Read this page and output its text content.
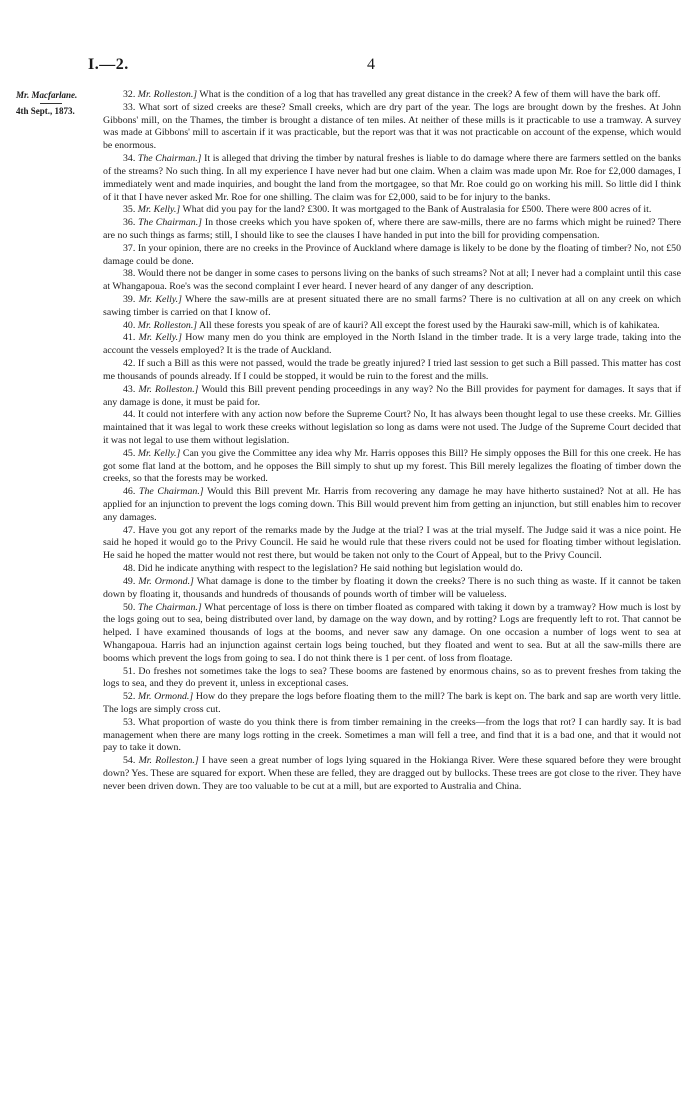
I.—2.	4
Mr. Macfarlane.
4th Sept., 1873.

32. Mr. Rolleston.] What is the condition of a log that has travelled any great distance in the creek? A few of them will have the bark off.

33. What sort of sized creeks are these? Small creeks, which are dry part of the year. The logs are brought down by the freshes. At John Gibbons' mill, on the Thames, the timber is brought a distance of ten miles. At neither of these mills is it practicable to use a tramway. A survey was made at Gibbons' mill to ascertain if it was practicable, but the report was that it was not practicable on account of the expense, which would be enormous.

34. The Chairman.] It is alleged that driving the timber by natural freshes is liable to do damage where there are farmers settled on the banks of the streams? No such thing. In all my experience I have never had but one claim. When a claim was made upon Mr. Roe for £2,000 damages, I immediately went and made inquiries, and bought the land from the mortgagee, so that Mr. Roe could go on working his mill. So little did I think of it that I have never asked Mr. Roe for one shilling. The claim was for £2,000, said to be for injury to the banks.

35. Mr. Kelly.] What did you pay for the land? £300. It was mortgaged to the Bank of Australasia for £500. There were 800 acres of it.

36. The Chairman.] In those creeks which you have spoken of, where there are saw-mills, there are no farms which might be ruined? There are no such things as farms; still, I should like to see the clauses I have handed in put into the bill for providing compensation.

37. In your opinion, there are no creeks in the Province of Auckland where damage is likely to be done by the floating of timber? No, not £50 damage could be done.

38. Would there not be danger in some cases to persons living on the banks of such streams? Not at all; I never had a complaint until this case at Whangapoua. Roe's was the second complaint I ever heard. I never heard of any danger of any description.

39. Mr. Kelly.] Where the saw-mills are at present situated there are no small farms? There is no cultivation at all on any creek on which sawing timber is carried on that I know of.

40. Mr. Rolleston.] All these forests you speak of are of kauri? All except the forest used by the Hauraki saw-mill, which is of kahikatea.

41. Mr. Kelly.] How many men do you think are employed in the North Island in the timber trade. It is a very large trade, taking into the account the vessels employed? It is the trade of Auckland.

42. If such a Bill as this were not passed, would the trade be greatly injured? I tried last session to get such a Bill passed. This matter has cost me thousands of pounds already. If I could be stopped, it would be ruin to the forest and the mills.

43. Mr. Rolleston.] Would this Bill prevent pending proceedings in any way? No the Bill provides for payment for damages. It says that if any damage is done, it must be paid for.

44. It could not interfere with any action now before the Supreme Court? No, It has always been thought legal to use these creeks. Mr. Gillies maintained that it was legal to work these creeks without legislation so long as dams were not used. The Judge of the Supreme Court decided that it was not legal to use them without legislation.

45. Mr. Kelly.] Can you give the Committee any idea why Mr. Harris opposes this Bill? He simply opposes the Bill for this one creek. He has got some flat land at the bottom, and he opposes the Bill simply to shut up my forest. This Bill merely legalizes the floating of timber down the creeks, so that the forests may be worked.

46. The Chairman.] Would this Bill prevent Mr. Harris from recovering any damage he may have hitherto sustained? Not at all. He has applied for an injunction to prevent the logs coming down. This Bill would prevent him from getting an injunction, but still enables him to recover any damages.

47. Have you got any report of the remarks made by the Judge at the trial? I was at the trial myself. The Judge said it was a nice point. He said he hoped it would go to the Privy Council. He said he would rule that these rivers could not be used for floating timber without legislation. He said he hoped the matter would not rest there, but would be taken not only to the Court of Appeal, but to the Privy Council.

48. Did he indicate anything with respect to the legislation? He said nothing but legislation would do.

49. Mr. Ormond.] What damage is done to the timber by floating it down the creeks? There is no such thing as waste. If it cannot be taken down by floating it, thousands and hundreds of thousands of pounds worth of timber will be valueless.

50. The Chairman.] What percentage of loss is there on timber floated as compared with taking it down by a tramway? How much is lost by the logs going out to sea, being distributed over land, by damage on the way down, and by rotting? Logs are frequently left to rot. That cannot be helped. I have examined thousands of logs at the booms, and never saw any damage. On one occasion a number of logs went to sea at Whangapoua. Harris had an injunction against certain logs being touched, but they floated and went to sea. But at all the saw-mills there are booms which prevent the logs from going to sea. I do not think there is 1 per cent. of loss from floatage.

51. Do freshes not sometimes take the logs to sea? These booms are fastened by enormous chains, so as to prevent freshes from taking the logs to sea, and they do prevent it, unless in exceptional cases.

52. Mr. Ormond.] How do they prepare the logs before floating them to the mill? The bark is kept on. The bark and sap are worth very little. The logs are simply cross cut.

53. What proportion of waste do you think there is from timber remaining in the creeks—from the logs that rot? I can hardly say. It is bad management when there are many logs rotting in the creek. Sometimes a man will fell a tree, and find that it is a bad one, and that it would not pay to take it down.

54. Mr. Rolleston.] I have seen a great number of logs lying squared in the Hokianga River. Were these squared before they were brought down? Yes. These are squared for export. When these are felled, they are dragged out by bullocks. These trees are got close to the river. They have never been driven down. They are too valuable to be cut at a mill, but are exported to Australia and China.
